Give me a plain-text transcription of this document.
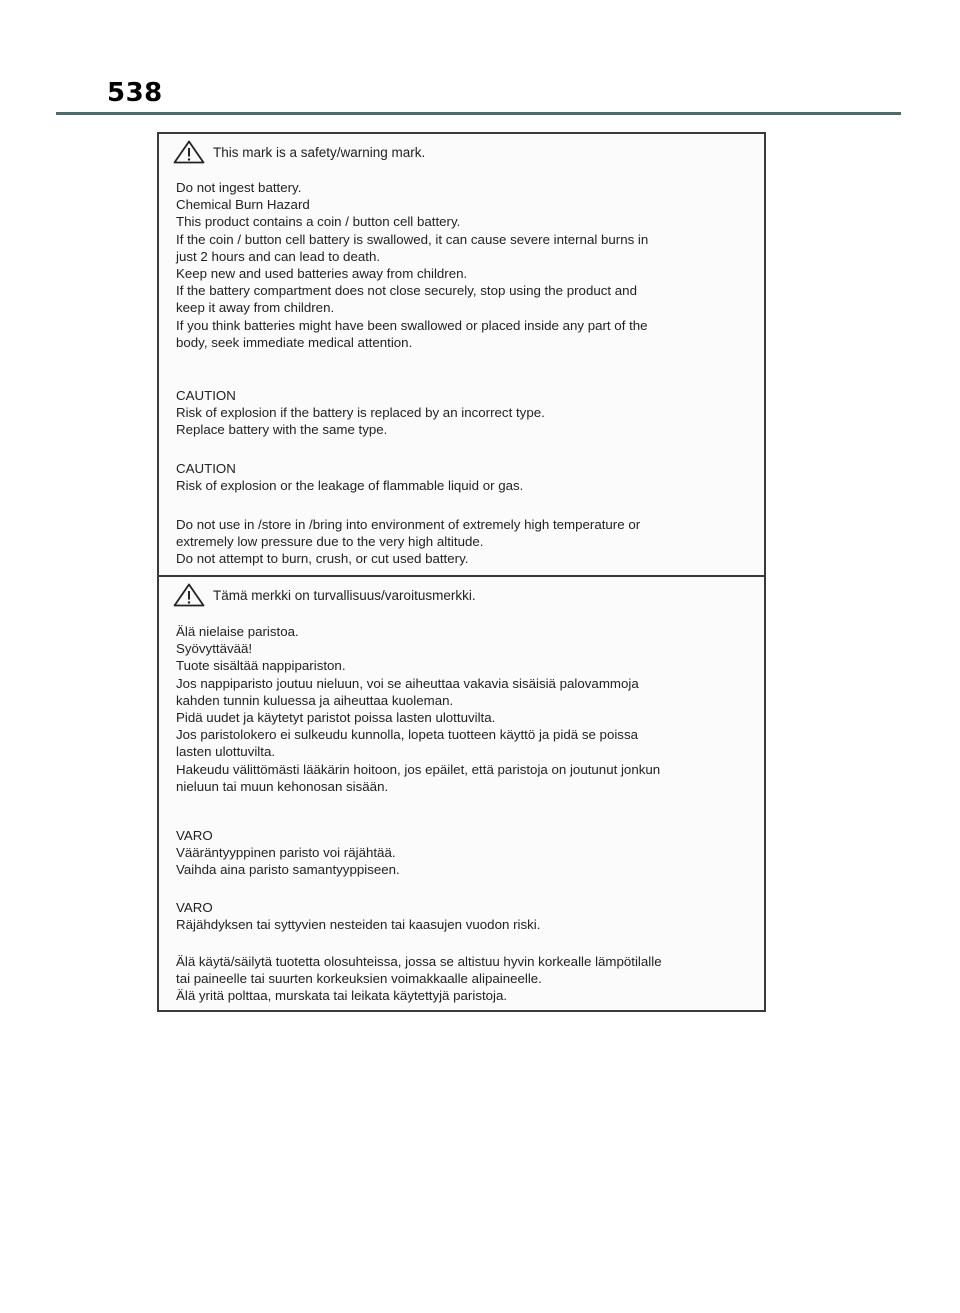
538
This mark is a safety/warning mark.
Do not ingest battery.
Chemical Burn Hazard
This product contains a coin / button cell battery.
If the coin / button cell battery is swallowed, it can cause severe internal burns in
just 2 hours and can lead to death.
Keep new and used batteries away from children.
If the battery compartment does not close securely, stop using the product and
keep it away from children.
If you think batteries might have been swallowed or placed inside any part of the
body, seek immediate medical attention.
CAUTION
Risk of explosion if the battery is replaced by an incorrect type.
Replace battery with the same type.
CAUTION
Risk of explosion or the leakage of flammable liquid or gas.
Do not use in /store in /bring into environment of extremely high temperature or
extremely low pressure due to the very high altitude.
Do not attempt to burn, crush, or cut used battery.
Tämä merkki on turvallisuus/varoitusmerkki.
Älä nielaise paristoa.
Syövyttävää!
Tuote sisältää nappipariston.
Jos nappiparisto joutuu nieluun, voi se aiheuttaa vakavia sisäisiä palovammoja
kahden tunnin kuluessa ja aiheuttaa kuoleman.
Pidä uudet ja käytetyt paristot poissa lasten ulottuvilta.
Jos paristolokero ei sulkeudu kunnolla, lopeta tuotteen käyttö ja pidä se poissa
lasten ulottuvilta.
Hakeudu välittömästi lääkärin hoitoon, jos epäilet, että paristoja on joutunut jonkun
nieluun tai muun kehonosan sisään.
VARO
Vääräntyyppinen paristo voi räjähtää.
Vaihda aina paristo samantyyppiseen.
VARO
Räjähdyksen tai syttyvien nesteiden tai kaasujen vuodon riski.
Älä käytä/säilytä tuotetta olosuhteissa, jossa se altistuu hyvin korkealle lämpötilalle
tai paineelle tai suurten korkeuksien voimakkaalle alipaineelle.
Älä yritä polttaa, murskata tai leikata käytettyjä paristoja.
